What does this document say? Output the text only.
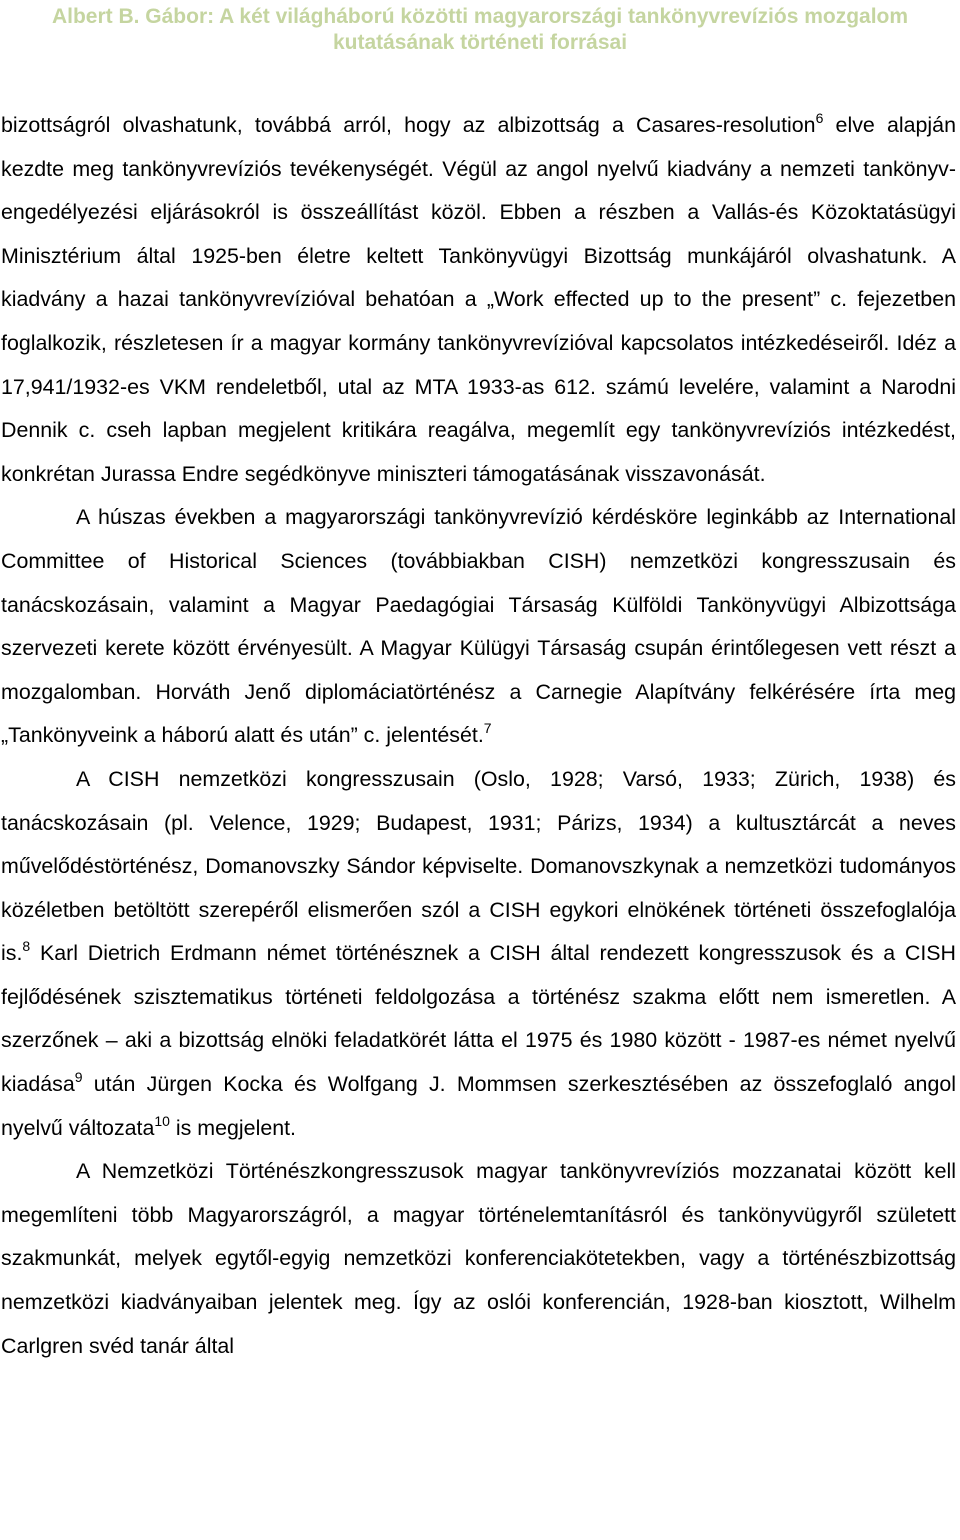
Albert B. Gábor: A két világháború közötti magyarországi tankönyvrevíziós mozgalom
kutatásának történeti forrásai

bizottságról olvashatunk, továbbá arról, hogy az albizottság a Casares-resolution$^6$ elve alapján kezdte meg tankönyvrevíziós tevékenységét. Végül az angol nyelvű kiadvány a nemzeti tankönyv-engedélyezési eljárásokról is összeállítást közöl. Ebben a részben a Vallás-és Közoktatásügyi Minisztérium által 1925-ben életre keltett Tankönyvügyi Bizottság munkájáról olvashatunk. A kiadvány a hazai tankönyvrevízióval behatóan a „Work effected up to the present” c. fejezetben foglalkozik, részletesen ír a magyar kormány tankönyvrevízióval kapcsolatos intézkedéseiről. Idéz a 17,941/1932-es VKM rendeletből, utal az MTA 1933-as 612. számú levelére, valamint a Narodni Dennik c. cseh lapban megjelent kritikára reagálva, megemlít egy tankönyvrevíziós intézkedést, konkrétan Jurassa Endre segédkönyve miniszteri támogatásának visszavonását.

A húszas években a magyarországi tankönyvrevízió kérdésköre leginkább az International Committee of Historical Sciences (továbbiakban CISH) nemzetközi kongresszusain és tanácskozásain, valamint a Magyar Paedagógiai Társaság Külföldi Tankönyvügyi Albizottsága szervezeti kerete között érvényesült. A Magyar Külügyi Társaság csupán érintőlegesen vett részt a mozgalomban. Horváth Jenő diplomáciatörténész a Carnegie Alapítvány felkérésére írta meg „Tankönyveink a háború alatt és után” c. jelentését.$^7$

A CISH nemzetközi kongresszusain (Oslo, 1928; Varsó, 1933; Zürich, 1938) és tanácskozásain (pl. Velence, 1929; Budapest, 1931; Párizs, 1934) a kultusztárcát a neves művelődéstörténész, Domanovszky Sándor képviselte. Domanovszkynak a nemzetközi tudományos közéletben betöltött szerepéről elismerően szól a CISH egykori elnökének történeti összefoglalója is.$^8$ Karl Dietrich Erdmann német történésznek a CISH által rendezett kongresszusok és a CISH fejlődésének szisztematikus történeti feldolgozása a történész szakma előtt nem ismeretlen. A szerzőnek – aki a bizottság elnöki feladatkörét látta el 1975 és 1980 között - 1987-es német nyelvű kiadása$^9$ után Jürgen Kocka és Wolfgang J. Mommsen szerkesztésében az összefoglaló angol nyelvű változata$^{10}$ is megjelent.

A Nemzetközi Történészkongresszusok magyar tankönyvrevíziós mozzanatai között kell megemlíteni több Magyarországról, a magyar történelemtanításról és tankönyvügyről született szakmunkát, melyek egytől-egyig nemzetközi konferenciakötetekben, vagy a történészbizottság nemzetközi kiadványaiban jelentek meg. Így az oslói konferencián, 1928-ban kiosztott, Wilhelm Carlgren svéd tanár által
